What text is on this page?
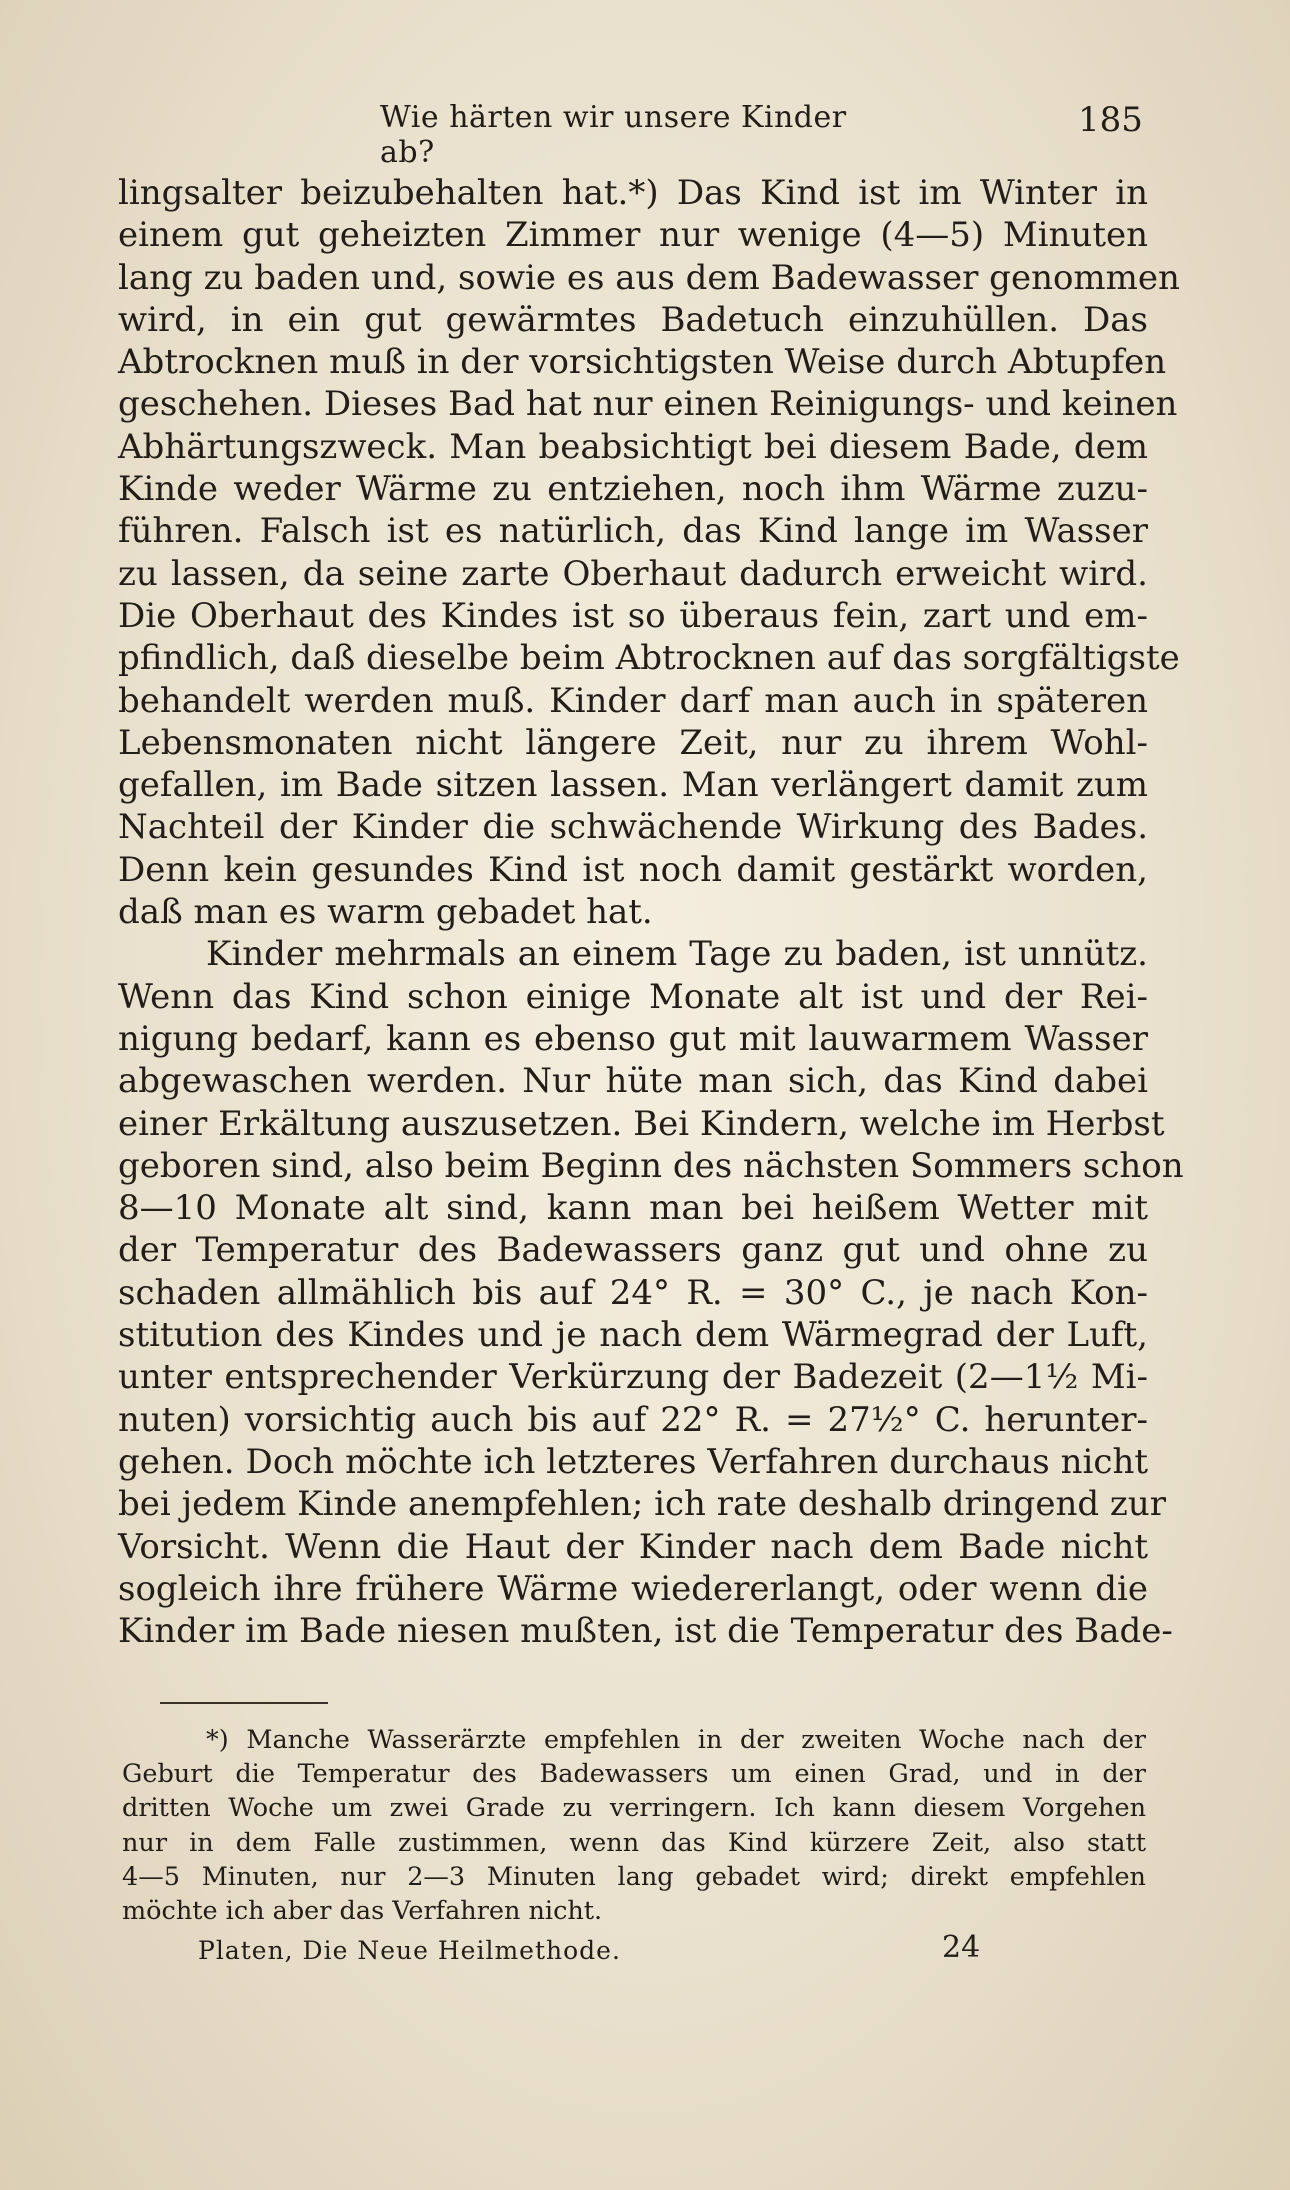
Wie härten wir unsere Kinder ab?
185
lingsalter beizubehalten hat.*) Das Kind ist im Winter in
einem gut geheizten Zimmer nur wenige (4—5) Minuten
lang zu baden und, sowie es aus dem Badewasser genommen
wird, in ein gut gewärmtes Badetuch einzuhüllen. Das
Abtrocknen muß in der vorsichtigsten Weise durch Abtupfen
geschehen. Dieses Bad hat nur einen Reinigungs- und keinen
Abhärtungszweck. Man beabsichtigt bei diesem Bade, dem
Kinde weder Wärme zu entziehen, noch ihm Wärme zuzu-
führen. Falsch ist es natürlich, das Kind lange im Wasser
zu lassen, da seine zarte Oberhaut dadurch erweicht wird.
Die Oberhaut des Kindes ist so überaus fein, zart und em-
pfindlich, daß dieselbe beim Abtrocknen auf das sorgfältigste
behandelt werden muß. Kinder darf man auch in späteren
Lebensmonaten nicht längere Zeit, nur zu ihrem Wohl-
gefallen, im Bade sitzen lassen. Man verlängert damit zum
Nachteil der Kinder die schwächende Wirkung des Bades.
Denn kein gesundes Kind ist noch damit gestärkt worden,
daß man es warm gebadet hat.
Kinder mehrmals an einem Tage zu baden, ist unnütz.
Wenn das Kind schon einige Monate alt ist und der Rei-
nigung bedarf, kann es ebenso gut mit lauwarmem Wasser
abgewaschen werden. Nur hüte man sich, das Kind dabei
einer Erkältung auszusetzen. Bei Kindern, welche im Herbst
geboren sind, also beim Beginn des nächsten Sommers schon
8—10 Monate alt sind, kann man bei heißem Wetter mit
der Temperatur des Badewassers ganz gut und ohne zu
schaden allmählich bis auf 24° R. = 30° C., je nach Kon-
stitution des Kindes und je nach dem Wärmegrad der Luft,
unter entsprechender Verkürzung der Badezeit (2—1½ Mi-
nuten) vorsichtig auch bis auf 22° R. = 27½° C. herunter-
gehen. Doch möchte ich letzteres Verfahren durchaus nicht
bei jedem Kinde anempfehlen; ich rate deshalb dringend zur
Vorsicht. Wenn die Haut der Kinder nach dem Bade nicht
sogleich ihre frühere Wärme wiedererlangt, oder wenn die
Kinder im Bade niesen mußten, ist die Temperatur des Bade-
*) Manche Wasserärzte empfehlen in der zweiten Woche nach der
Geburt die Temperatur des Badewassers um einen Grad, und in der
dritten Woche um zwei Grade zu verringern. Ich kann diesem Vorgehen
nur in dem Falle zustimmen, wenn das Kind kürzere Zeit, also statt
4—5 Minuten, nur 2—3 Minuten lang gebadet wird; direkt empfehlen
möchte ich aber das Verfahren nicht.
Platen, Die Neue Heilmethode.	24
